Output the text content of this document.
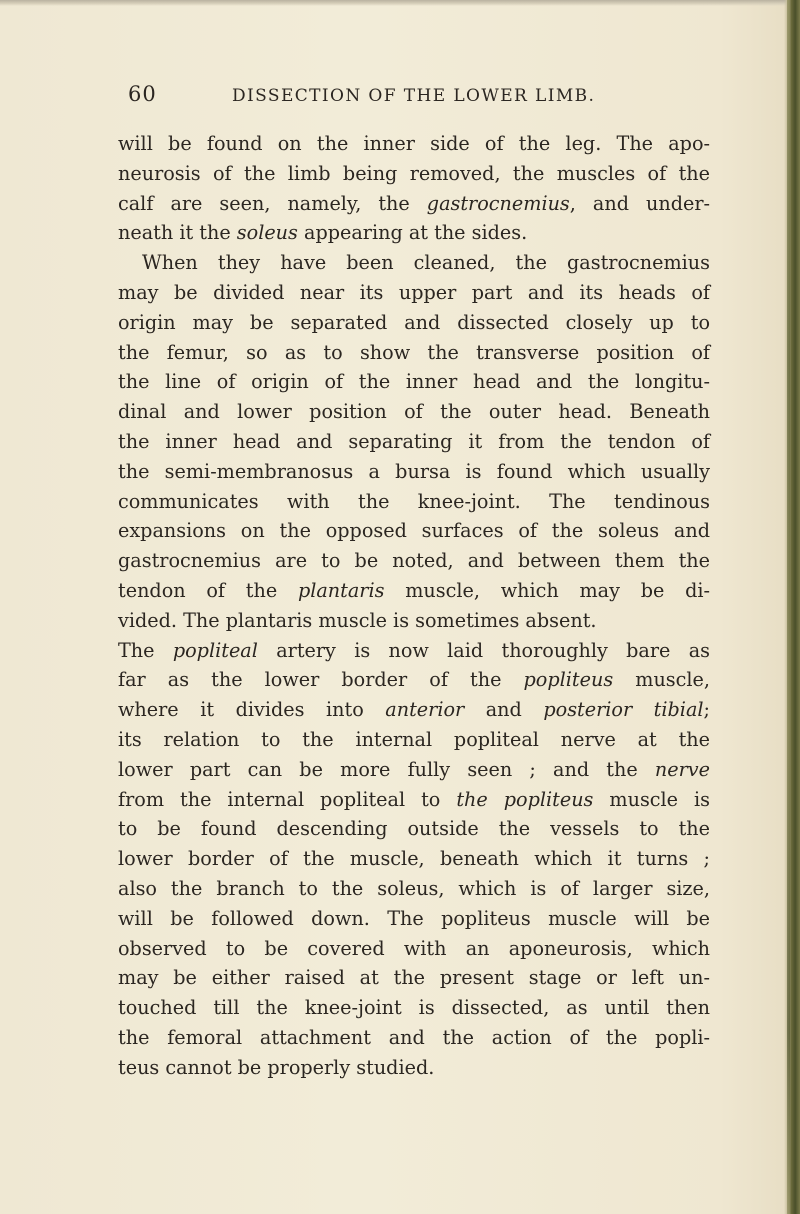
60	DISSECTION OF THE LOWER LIMB.
will be found on the inner side of the leg. The apo-
neurosis of the limb being removed, the muscles of the
calf are seen, namely, the gastrocnemius, and under-
neath it the soleus appearing at the sides.
When they have been cleaned, the gastrocnemius
may be divided near its upper part and its heads of
origin may be separated and dissected closely up to
the femur, so as to show the transverse position of
the line of origin of the inner head and the longitu-
dinal and lower position of the outer head. Beneath
the inner head and separating it from the tendon of
the semi-membranosus a bursa is found which usually
communicates with the knee-joint. The tendinous
expansions on the opposed surfaces of the soleus and
gastrocnemius are to be noted, and between them the
tendon of the plantaris muscle, which may be di-
vided. The plantaris muscle is sometimes absent.
The popliteal artery is now laid thoroughly bare as
far as the lower border of the popliteus muscle,
where it divides into anterior and posterior tibial;
its relation to the internal popliteal nerve at the
lower part can be more fully seen ; and the nerve
from the internal popliteal to the popliteus muscle is
to be found descending outside the vessels to the
lower border of the muscle, beneath which it turns ;
also the branch to the soleus, which is of larger size,
will be followed down. The popliteus muscle will be
observed to be covered with an aponeurosis, which
may be either raised at the present stage or left un-
touched till the knee-joint is dissected, as until then
the femoral attachment and the action of the popli-
teus cannot be properly studied.
